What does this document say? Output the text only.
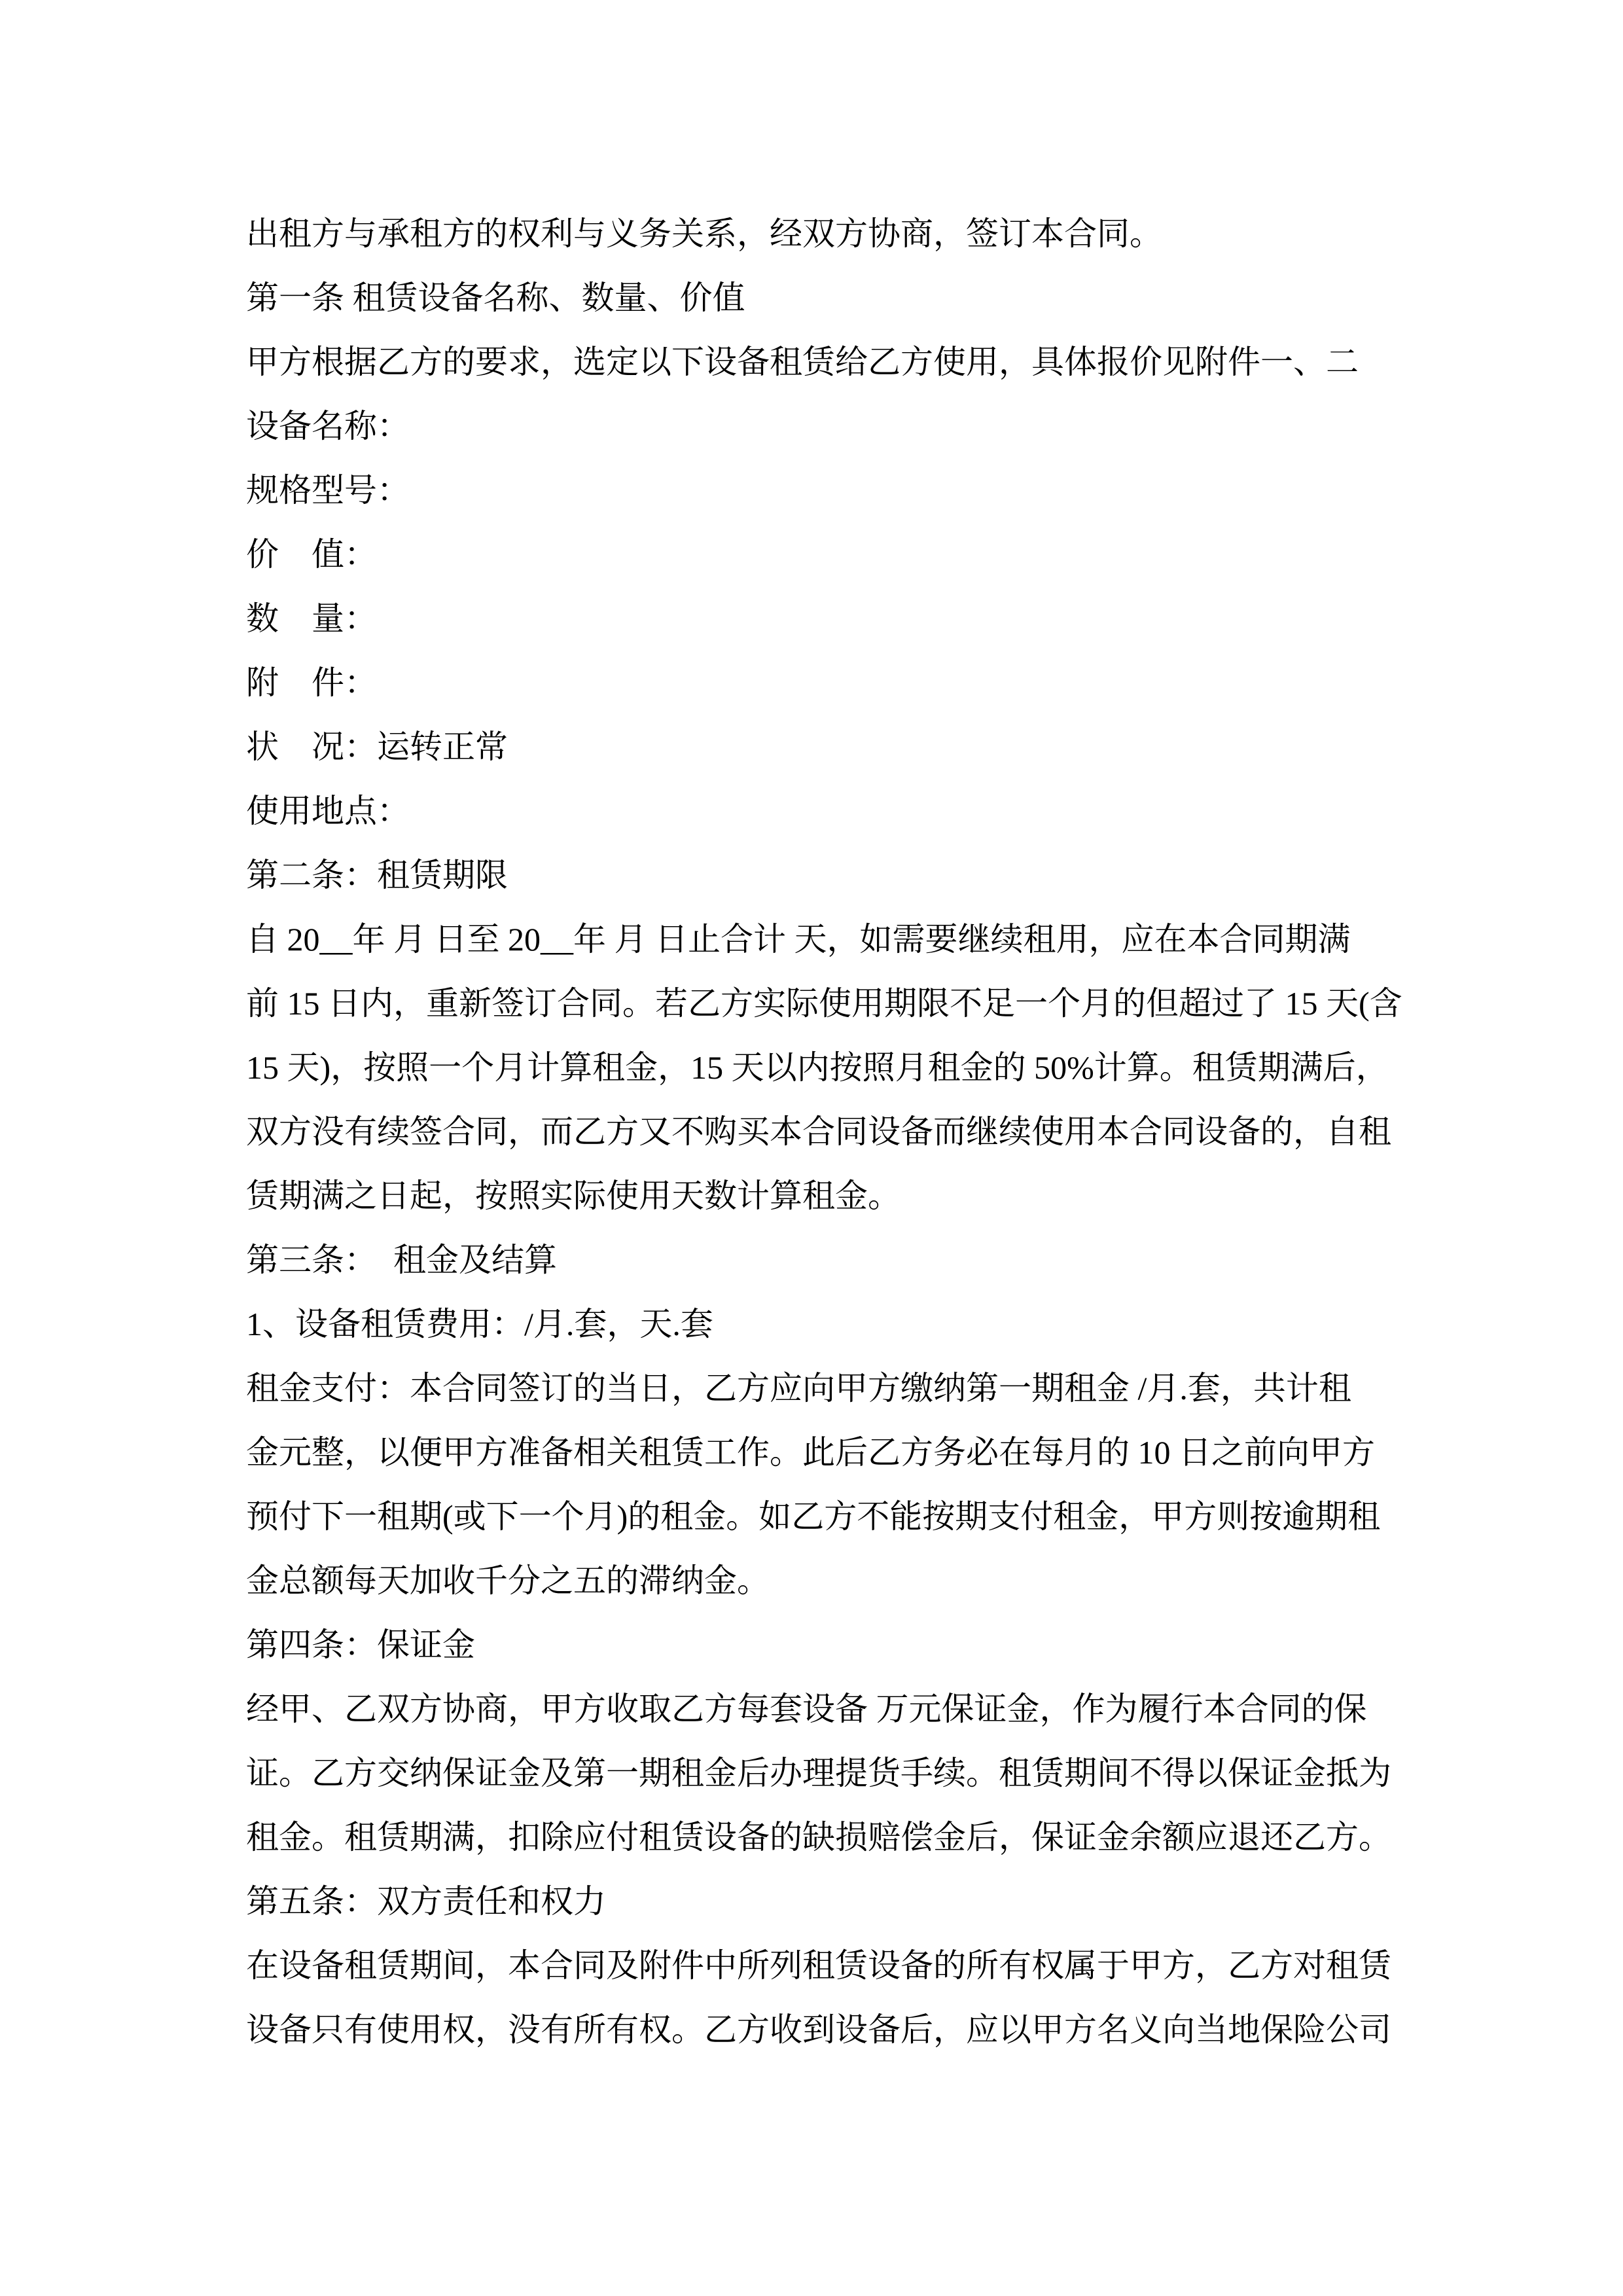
出租方与承租方的权利与义务关系，经双方协商，签订本合同。
第一条 租赁设备名称、数量、价值
甲方根据乙方的要求，选定以下设备租赁给乙方使用，具体报价见附件一、二
设备名称：
规格型号：
价　值：
数　量：
附　件：
状　况：运转正常
使用地点：
第二条：租赁期限
自 20__年 月 日至 20__年 月 日止合计 天，如需要继续租用，应在本合同期满
前 15 日内，重新签订合同。若乙方实际使用期限不足一个月的但超过了 15 天(含
15 天)，按照一个月计算租金，15 天以内按照月租金的 50%计算。租赁期满后，
双方没有续签合同，而乙方又不购买本合同设备而继续使用本合同设备的，自租
赁期满之日起，按照实际使用天数计算租金。
第三条：　租金及结算
1、设备租赁费用：/月.套，天.套
租金支付：本合同签订的当日，乙方应向甲方缴纳第一期租金 /月.套，共计租
金元整，以便甲方准备相关租赁工作。此后乙方务必在每月的 10 日之前向甲方
预付下一租期(或下一个月)的租金。如乙方不能按期支付租金，甲方则按逾期租
金总额每天加收千分之五的滞纳金。
第四条：保证金
经甲、乙双方协商，甲方收取乙方每套设备 万元保证金，作为履行本合同的保
证。乙方交纳保证金及第一期租金后办理提货手续。租赁期间不得以保证金抵为
租金。租赁期满，扣除应付租赁设备的缺损赔偿金后，保证金余额应退还乙方。
第五条：双方责任和权力
在设备租赁期间，本合同及附件中所列租赁设备的所有权属于甲方，乙方对租赁
设备只有使用权，没有所有权。乙方收到设备后，应以甲方名义向当地保险公司
